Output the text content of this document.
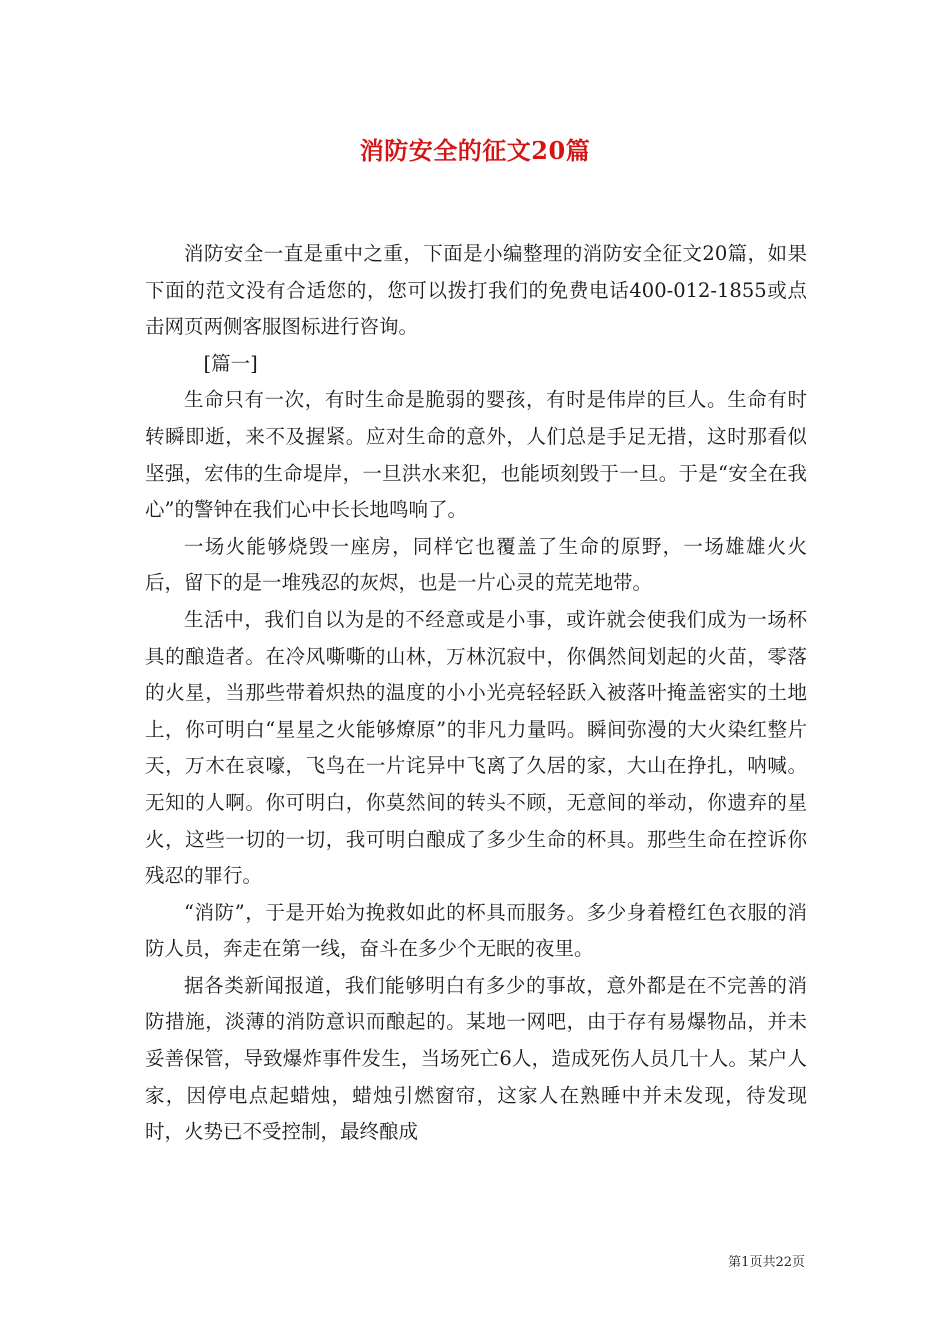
消防安全的征文20篇

消防安全一直是重中之重，下面是小编整理的消防安全征文20篇，如果下面的范文没有合适您的，您可以拨打我们的免费电话400-012-1855或点击网页两侧客服图标进行咨询。

[篇一]

生命只有一次，有时生命是脆弱的婴孩，有时是伟岸的巨人。生命有时转瞬即逝，来不及握紧。应对生命的意外，人们总是手足无措，这时那看似坚强，宏伟的生命堤岸，一旦洪水来犯，也能顷刻毁于一旦。于是“安全在我心”的警钟在我们心中长长地鸣响了。

一场火能够烧毁一座房，同样它也覆盖了生命的原野，一场雄雄火火后，留下的是一堆残忍的灰烬，也是一片心灵的荒芜地带。

生活中，我们自以为是的不经意或是小事，或许就会使我们成为一场杯具的酿造者。在冷风嘶嘶的山林，万林沉寂中，你偶然间划起的火苗，零落的火星，当那些带着炽热的温度的小小光亮轻轻跃入被落叶掩盖密实的土地上，你可明白“星星之火能够燎原”的非凡力量吗。瞬间弥漫的大火染红整片天，万木在哀嚎，飞鸟在一片诧异中飞离了久居的家，大山在挣扎，呐喊。无知的人啊。你可明白，你莫然间的转头不顾，无意间的举动，你遗弃的星火，这些一切的一切，我可明白酿成了多少生命的杯具。那些生命在控诉你残忍的罪行。

“消防”，于是开始为挽救如此的杯具而服务。多少身着橙红色衣服的消防人员，奔走在第一线，奋斗在多少个无眠的夜里。

据各类新闻报道，我们能够明白有多少的事故，意外都是在不完善的消防措施，淡薄的消防意识而酿起的。某地一网吧，由于存有易爆物品，并未妥善保管，导致爆炸事件发生，当场死亡6人，造成死伤人员几十人。某户人家，因停电点起蜡烛，蜡烛引燃窗帘，这家人在熟睡中并未发现，待发现时，火势已不受控制，最终酿成

第1页共22页
